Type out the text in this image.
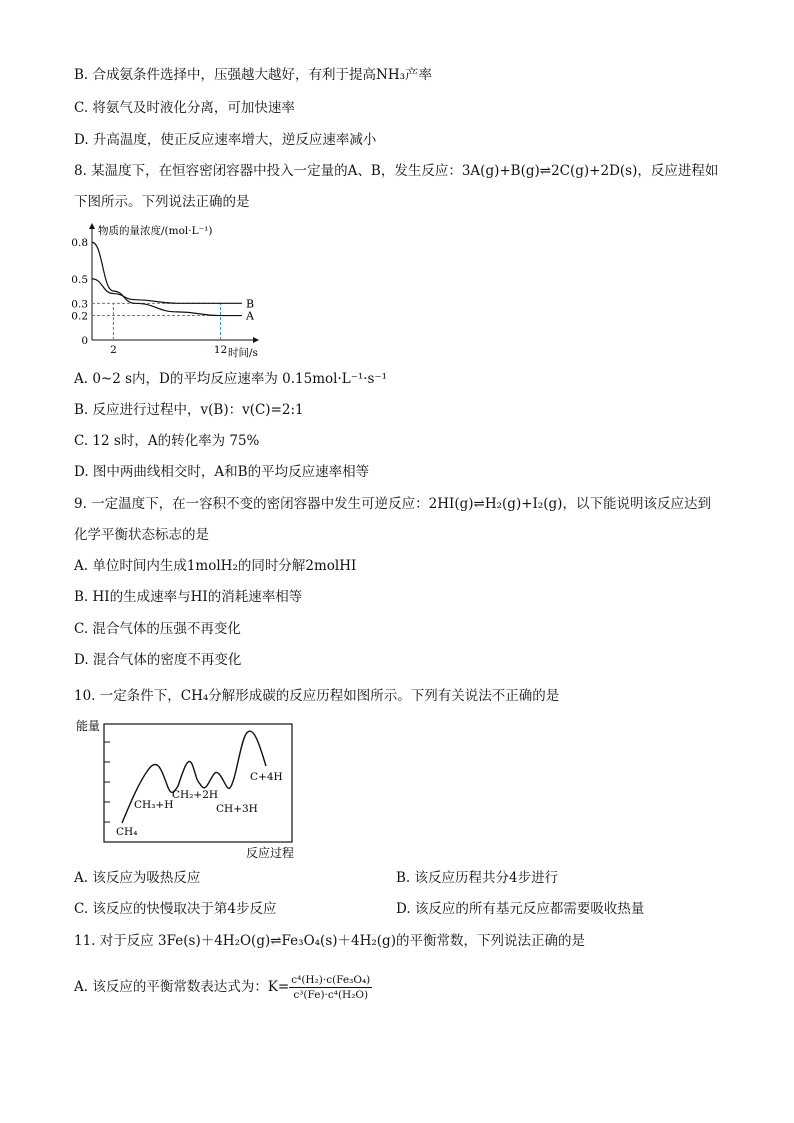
B. 合成氨条件选择中，压强越大越好，有利于提高NH₃产率
C. 将氨气及时液化分离，可加快速率
D. 升高温度，使正反应速率增大，逆反应速率减小
8. 某温度下，在恒容密闭容器中投入一定量的A、B，发生反应：3A(g)+B(g)⇌2C(g)+2D(s)，反应进程如
下图所示。下列说法正确的是
物质的量浓度/(mol·L⁻¹)
时间/s
0.8
0.5
0.3
0.2
0
2	12
A
B
A. 0~2 s内，D的平均反应速率为 0.15mol·L⁻¹·s⁻¹
B. 反应进行过程中，v(B)：v(C)=2:1
C. 12 s时，A的转化率为 75%
D. 图中两曲线相交时，A和B的平均反应速率相等
9. 一定温度下，在一容积不变的密闭容器中发生可逆反应：2HI(g)⇌H₂(g)+I₂(g)，以下能说明该反应达到
化学平衡状态标志的是
A. 单位时间内生成1molH₂的同时分解2molHI
B. HI的生成速率与HI的消耗速率相等
C. 混合气体的压强不再变化
D. 混合气体的密度不再变化
10. 一定条件下，CH₄分解形成碳的反应历程如图所示。下列有关说法不正确的是
能量
CH₄
CH₃+H
CH₂+2H
CH+3H
C+4H
反应过程
A. 该反应为吸热反应	B. 该反应历程共分4步进行
C. 该反应的快慢取决于第4步反应	D. 该反应的所有基元反应都需要吸收热量
11. 对于反应 3Fe(s)＋4H₂O(g)⇌Fe₃O₄(s)＋4H₂(g)的平衡常数，下列说法正确的是
A. 该反应的平衡常数表达式为：$K= \frac{\text{c⁴(H₂)·c(Fe₃O₄)}}{\text{c³(Fe)·c⁴(H₂O)}}$
